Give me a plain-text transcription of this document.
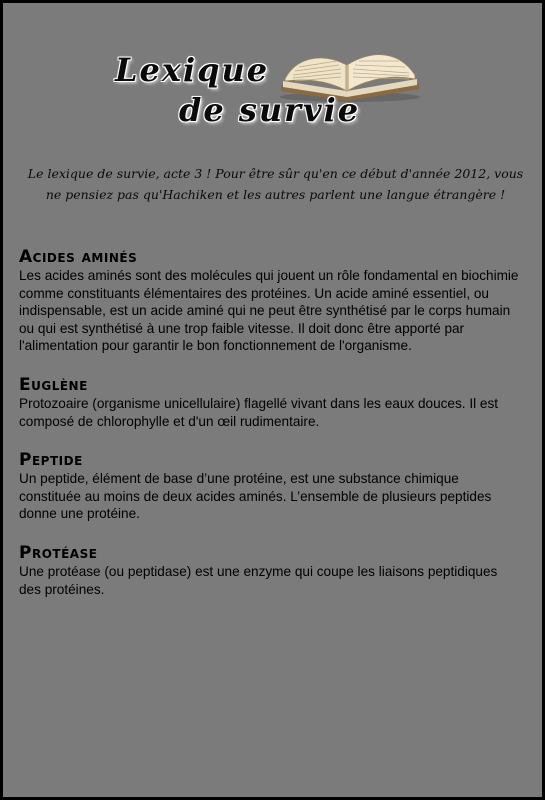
Lexique
de survie
Le lexique de survie, acte 3 ! Pour être sûr qu'en ce début d'année 2012, vous ne pensiez pas qu'Hachiken et les autres parlent une langue étrangère !
Acides aminés

Les acides aminés sont des molécules qui jouent un rôle fondamental en biochimie comme constituants élémentaires des protéines. Un acide aminé essentiel, ou indispensable, est un acide aminé qui ne peut être synthétisé par le corps humain ou qui est synthétisé à une trop faible vitesse. Il doit donc être apporté par l'alimentation pour garantir le bon fonctionnement de l'organisme.

Euglène

Protozoaire (organisme unicellulaire) flagellé vivant dans les eaux douces. Il est composé de chlorophylle et d'un œil rudimentaire.

Peptide

Un peptide, élément de base d’une protéine, est une substance chimique constituée au moins de deux acides aminés. L’ensemble de plusieurs peptides donne une protéine.

Protéase

Une protéase (ou peptidase) est une enzyme qui coupe les liaisons peptidiques des protéines.
